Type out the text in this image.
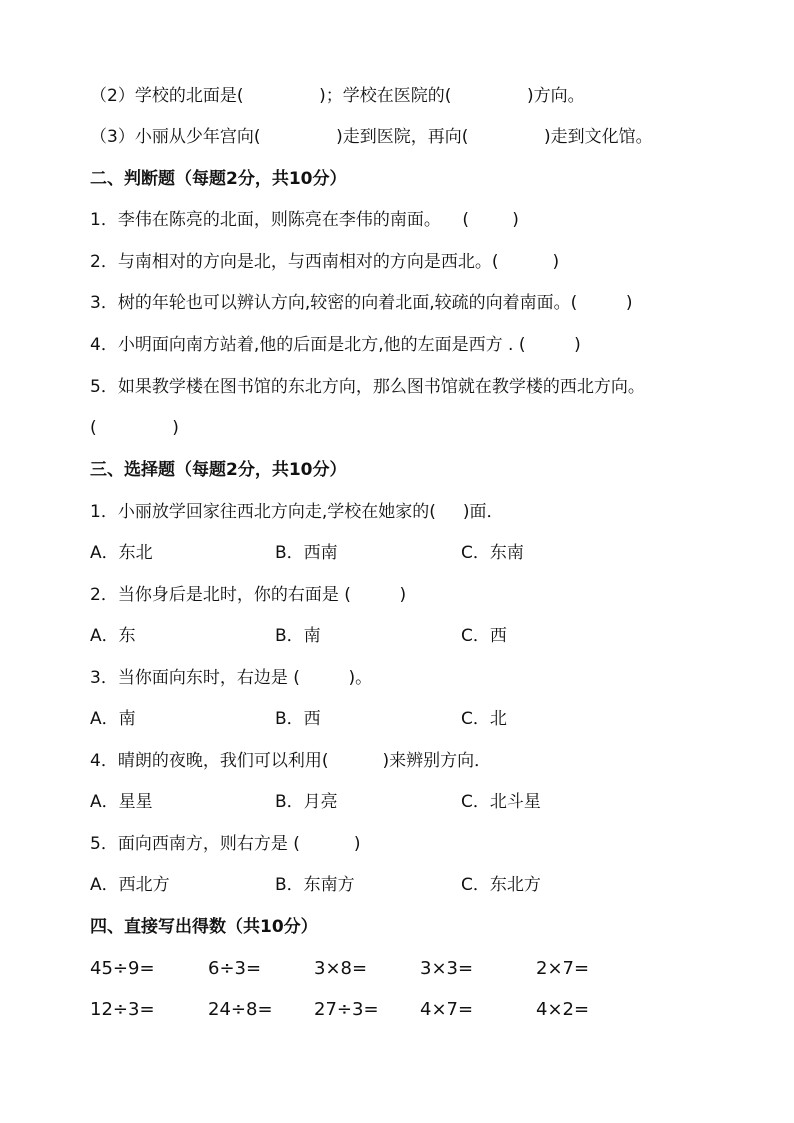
（2）学校的北面是(              )；学校在医院的(              )方向。
（3）小丽从少年宫向(              )走到医院，再向(              )走到文化馆。
二、判断题（每题2分，共10分）
1．李伟在陈亮的北面，则陈亮在李伟的南面。    (        )
2．与南相对的方向是北，与西南相对的方向是西北。(          )
3．树的年轮也可以辨认方向,较密的向着北面,较疏的向着南面。(         )
4．小明面向南方站着,他的后面是北方,他的左面是西方 . (         )
5．如果教学楼在图书馆的东北方向，那么图书馆就在教学楼的西北方向。
(              )
三、选择题（每题2分，共10分）
1．小丽放学回家往西北方向走,学校在她家的(     )面．
A．东北	B．西南	C．东南
2．当你身后是北时，你的右面是 (         )
A．东	B．南	C．西
3．当你面向东时，右边是 (         )。
A．南	B．西	C．北
4．晴朗的夜晚，我们可以利用(          )来辨别方向．
A．星星	B．月亮	C．北斗星
5．面向西南方，则右方是 (          )
A．西北方	B．东南方	C．东北方
四、直接写出得数（共10分）
45÷9=	6÷3=	3×8=	3×3=	2×7=
12÷3=	24÷8= 27÷3= 4×7=	4×2=
